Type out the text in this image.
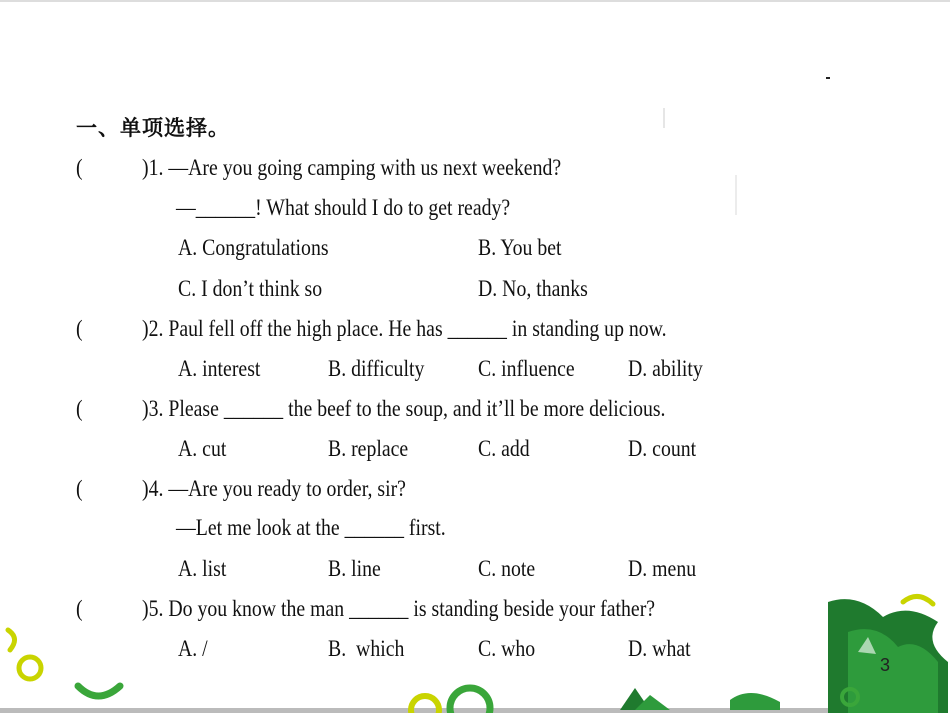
一、单项选择。
(	)1. —Are you going camping with us next weekend?
—______! What should I do to get ready?
A. Congratulations	B. You bet
C. I don’t think so	D. No, thanks
(	)2. Paul fell off the high place. He has ______ in standing up now.
A. interest	B. difficulty C. influence D. ability
(	)3. Please ______ the beef to the soup, and it’ll be more delicious.
A. cut	B. replace	C. add	D. count
(	)4. —Are you ready to order, sir?
—Let me look at the ______ first.
A. list	B. line	C. note	D. menu
(	)5. Do you know the man ______ is standing beside your father?
A. /	B.  which	C. who	D. what
3
